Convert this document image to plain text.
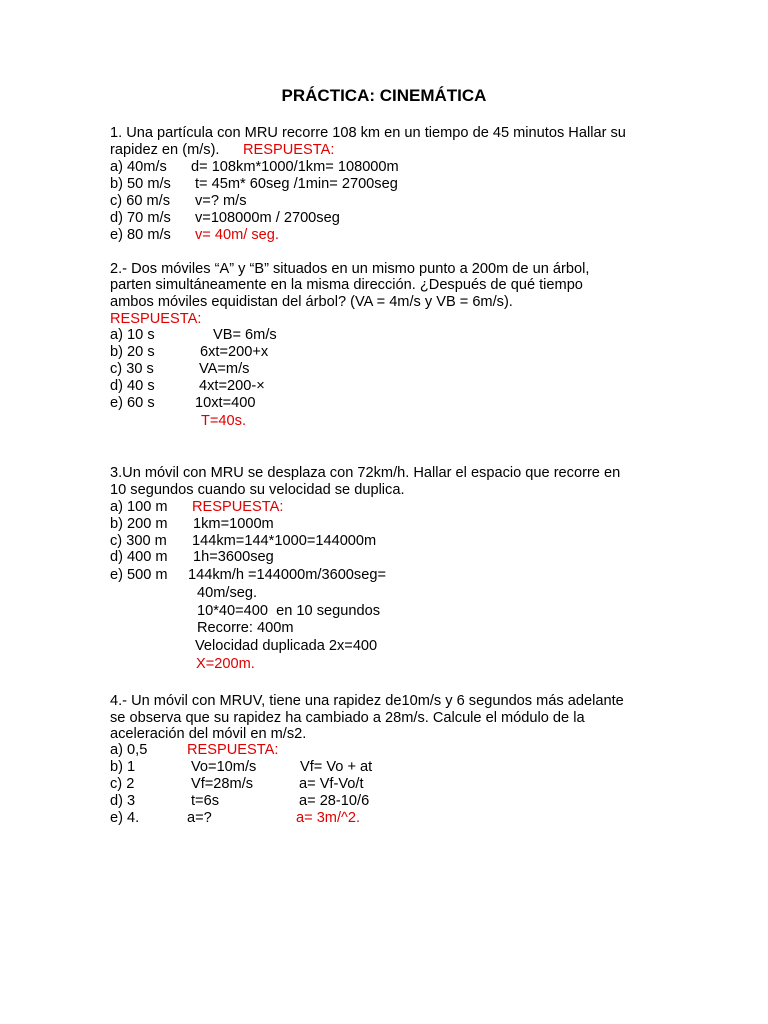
PRÁCTICA: CINEMÁTICA
1. Una partícula con MRU recorre 108 km en un tiempo de 45 minutos Hallar su
rapidez en (m/s). RESPUESTA:
a) 40m/s
b) 50 m/s
c) 60 m/s
d) 70 m/s
e) 80 m/s
d= 108km*1000/1km= 108000m
t= 45m* 60seg /1min= 2700seg
v=? m/s
v=108000m / 2700seg
v= 40m/ seg.
2.- Dos móviles “A” y “B” situados en un mismo punto a 200m de un árbol,
parten simultáneamente en la misma dirección. ¿Después de qué tiempo
ambos móviles equidistan del árbol? (VA = 4m/s y VB = 6m/s).
RESPUESTA:
a) 10 s
b) 20 s
c) 30 s
d) 40 s
e) 60 s
VB= 6m/s
6xt=200+x
VA=m/s
4xt=200-×
10xt=400
T=40s.
3.Un móvil con MRU se desplaza con 72km/h. Hallar el espacio que recorre en
10 segundos cuando su velocidad se duplica.
a) 100 m RESPUESTA:
b) 200 m
c) 300 m
d) 400 m
e) 500 m
1km=1000m
144km=144*1000=144000m
1h=3600seg
144km/h =144000m/3600seg=
40m/seg.
10*40=400  en 10 segundos
Recorre: 400m
Velocidad duplicada 2x=400
X=200m.
4.- Un móvil con MRUV, tiene una rapidez de10m/s y 6 segundos más adelante
se observa que su rapidez ha cambiado a 28m/s. Calcule el módulo de la
aceleración del móvil en m/s2.
a) 0,5	RESPUESTA:
b) 1
c) 2
d) 3
e) 4.
Vo=10m/s
Vf=28m/s
t=6s
a=?
Vf= Vo + at
a= Vf-Vo/t
a= 28-10/6
a= 3m/^2.
